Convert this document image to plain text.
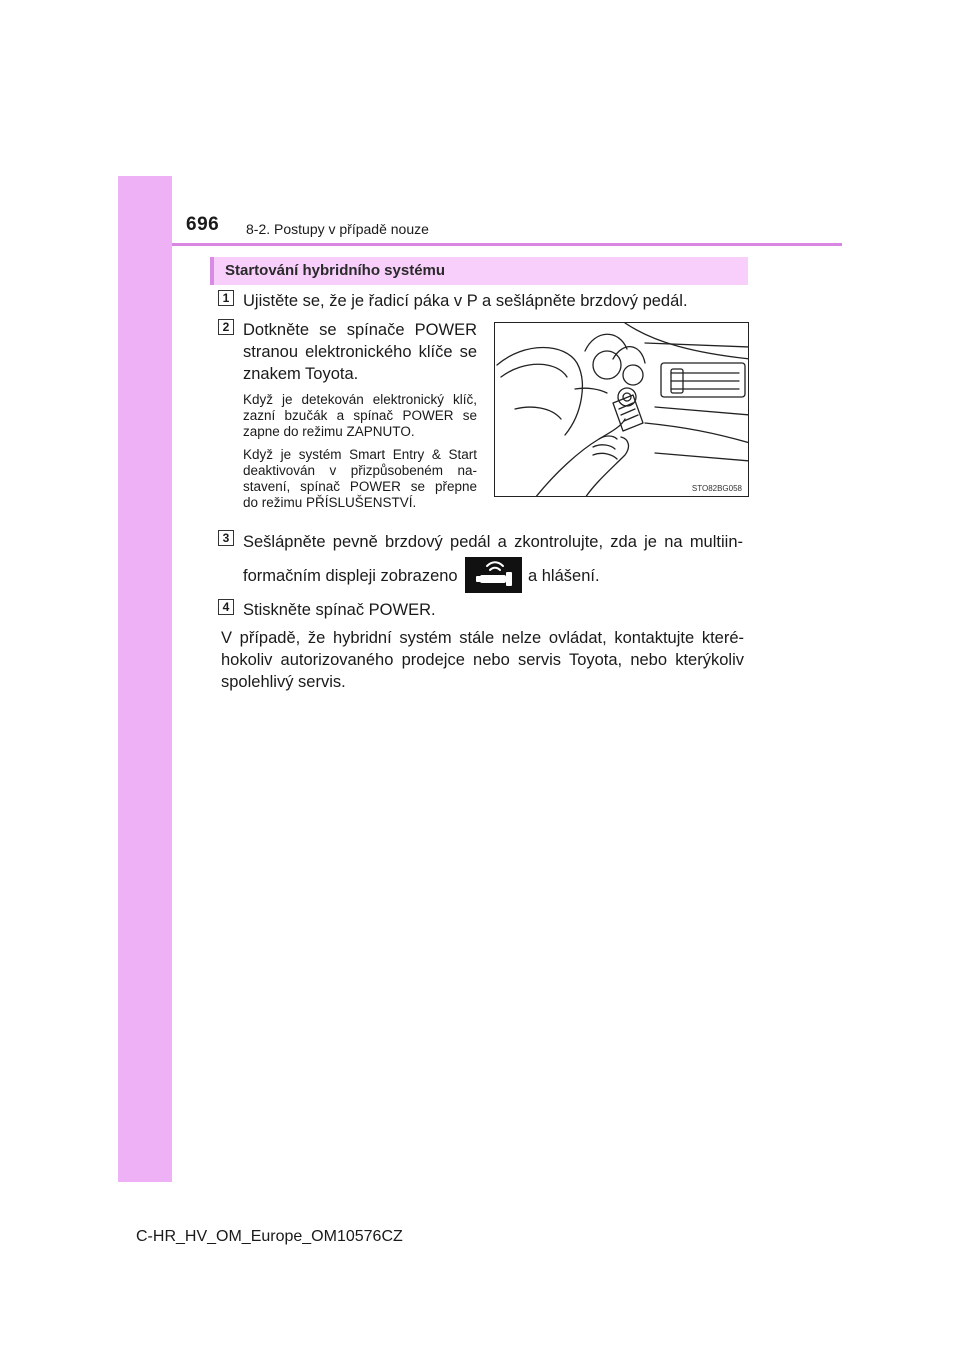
696 8-2. Postupy v případě nouze
Startování hybridního systému
1 Ujistěte se, že je řadicí páka v P a sešlápněte brzdový pedál.
2 Dotkněte se spínače POWER
stranou elektronického klíče se
znakem Toyota.
Když je detekován elektronický klíč,
zazní bzučák a spínač POWER se
zapne do režimu ZAPNUTO.
Když je systém Smart Entry & Start
deaktivován v přizpůsobeném na-
stavení, spínač POWER se přepne
do režimu PŘÍSLUŠENSTVÍ.
STO82BG058
3 Sešlápněte pevně brzdový pedál a zkontrolujte, zda je na multiin-
formačním displeji zobrazeno	a hlášení.
4 Stiskněte spínač POWER.
V případě, že hybridní systém stále nelze ovládat, kontaktujte které-
hokoliv autorizovaného prodejce nebo servis Toyota, nebo kterýkoliv
spolehlivý servis.
C-HR_HV_OM_Europe_OM10576CZ
